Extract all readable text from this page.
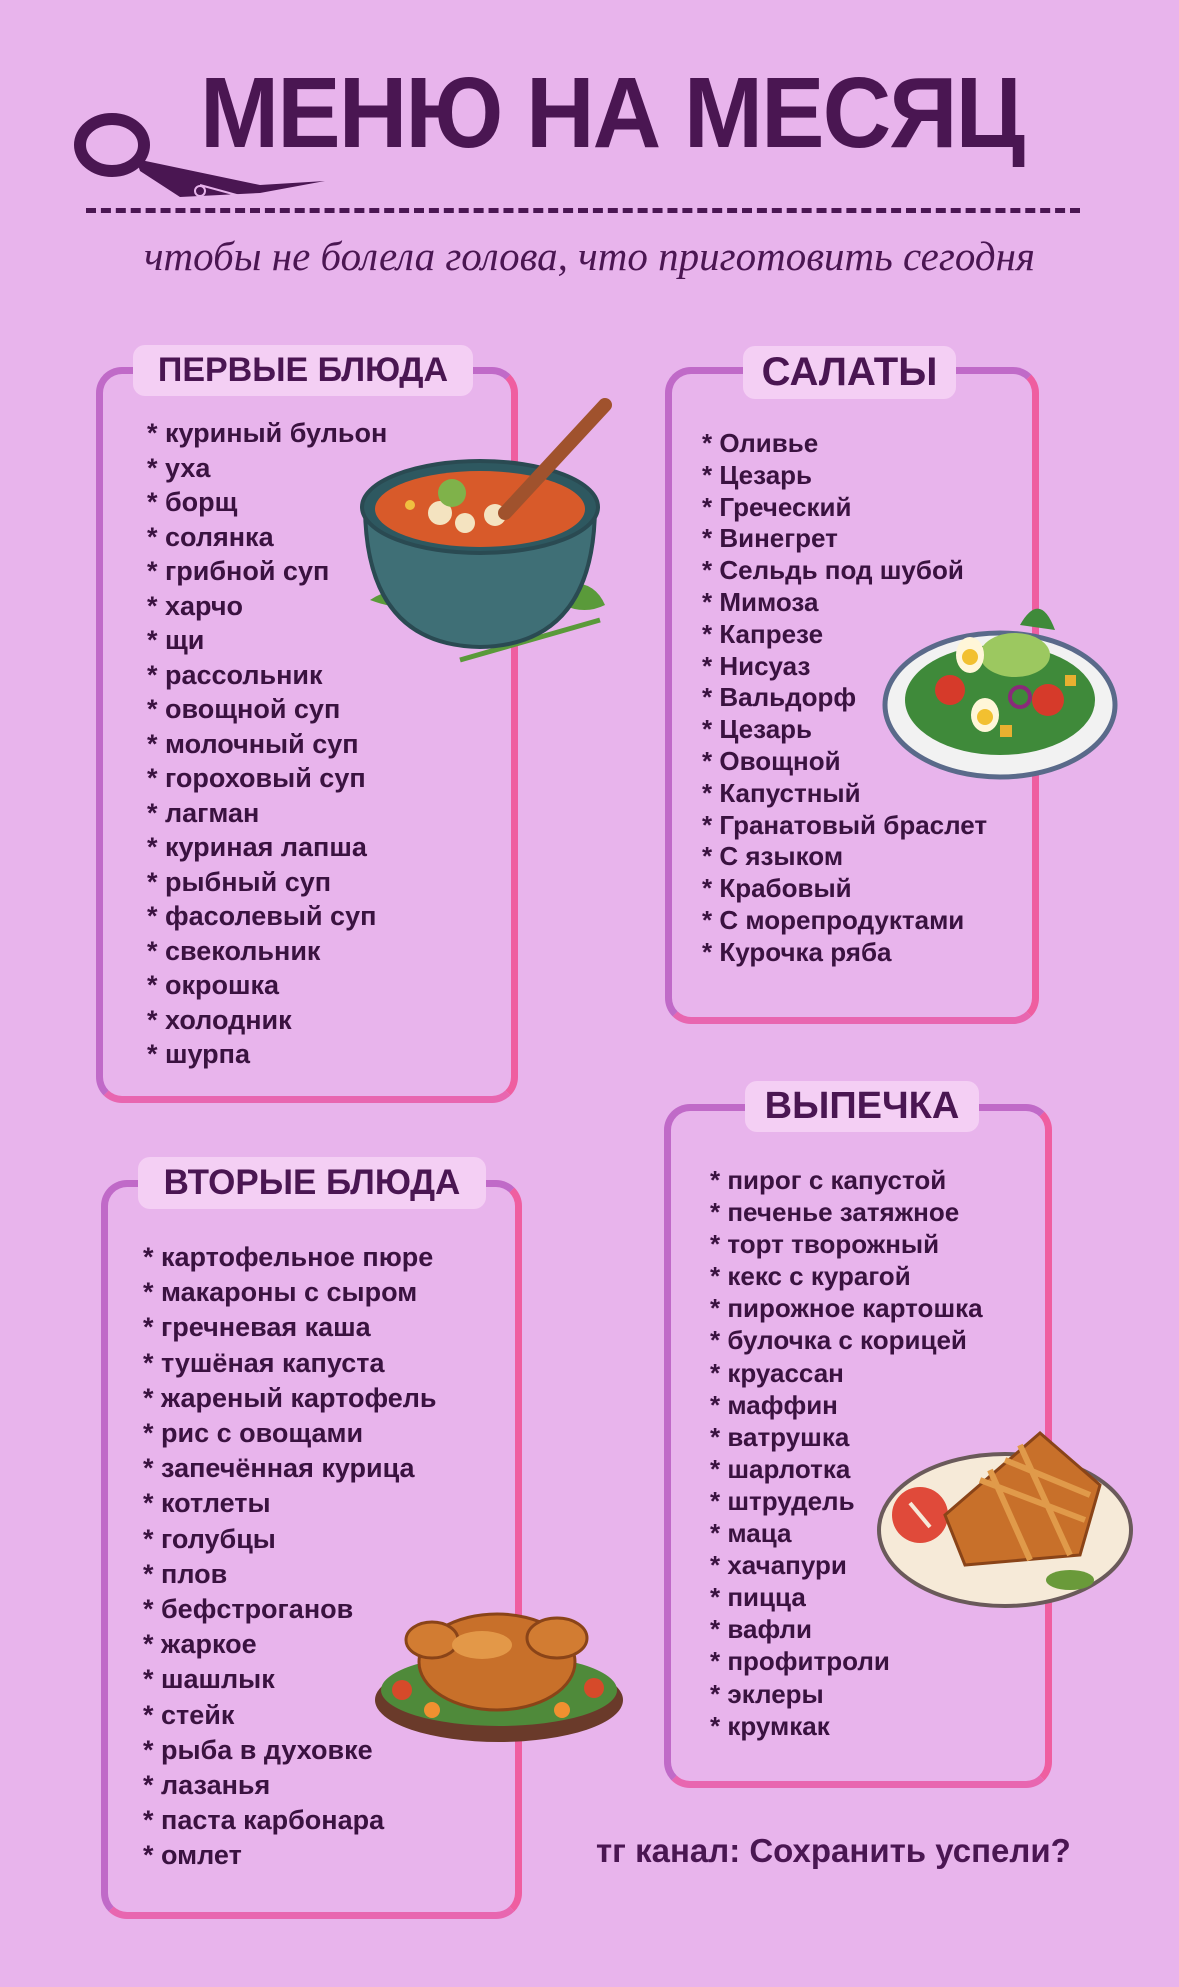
МЕНЮ НА МЕСЯЦ

чтобы не болела голова, что приготовить сегодня

ПЕРВЫЕ БЛЮДА
* куриный бульон
* уха
* борщ
* солянка
* грибной суп
* харчо
* щи
* рассольник
* овощной суп
* молочный суп
* гороховый суп
* лагман
* куриная лапша
* рыбный суп
* фасолевый суп
* свекольник
* окрошка
* холодник
* шурпа
САЛАТЫ
* Оливье
* Цезарь
* Греческий
* Винегрет
* Сельдь под шубой
* Мимоза
* Капрезе
* Нисуаз
* Вальдорф
* Цезарь
* Овощной
* Капустный
* Гранатовый браслет
* С языком
* Крабовый
* С морепродуктами
* Курочка ряба
ВТОРЫЕ БЛЮДА
* картофельное пюре
* макароны с сыром
* гречневая каша
* тушёная капуста
* жареный картофель
* рис с овощами
* запечённая курица
* котлеты
* голубцы
* плов
* бефстроганов
* жаркое
* шашлык
* стейк
* рыба в духовке
* лазанья
* паста карбонара
* омлет
ВЫПЕЧКА
* пирог с капустой
* печенье затяжное
* торт творожный
* кекс с курагой
* пирожное картошка
* булочка с корицей
* круассан
* маффин
* ватрушка
* шарлотка
* штрудель
* маца
* хачапури
* пицца
* вафли
* профитроли
* эклеры
* крумкак
тг канал: Сохранить успели?
